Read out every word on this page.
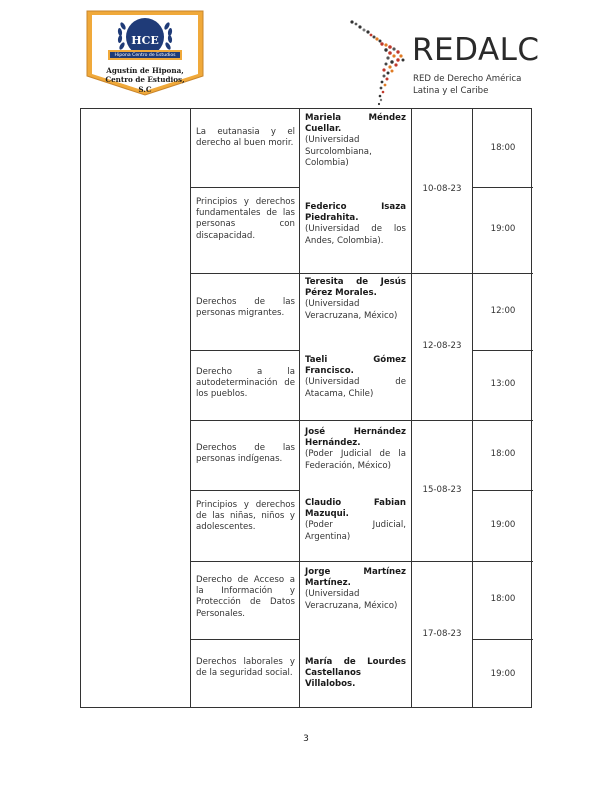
HCE
Hipona Centro de Estudios
Agustín de Hipona,
Centro de Estudios,
S.C
REDALC
RED de Derecho América
Latina y el Caribe
La eutanasia y el derecho al buen morir.
Mariela Méndez Cuellar.
(Universidad Surcolombiana, Colombia)
18:00
Principios y derechos fundamentales de las personas con discapacidad.
Federico Isaza Piedrahita.
(Universidad de los Andes, Colombia).
19:00
10-08-23
Derechos de las personas migrantes.
Teresita de Jesús Pérez Morales.
(Universidad Veracruzana, México)	12:00
Derecho a la autodeterminación de los pueblos.
Taeli Gómez Francisco.
(Universidad de Atacama, Chile)
13:00
12-08-23
Derechos de las personas indígenas.
José Hernández Hernández.
(Poder Judicial de la Federación, México)
18:00
Principios y derechos de las niñas, niños y adolescentes.
Claudio Fabian Mazuqui.
(Poder Judicial, Argentina)
19:00
15-08-23
Derecho de Acceso a la Información y Protección de Datos Personales.
Jorge Martínez Martínez.
(Universidad Veracruzana, México)
18:00
Derechos laborales y de la seguridad social.
María de Lourdes Castellanos Villalobos.
19:00
17-08-23
3
